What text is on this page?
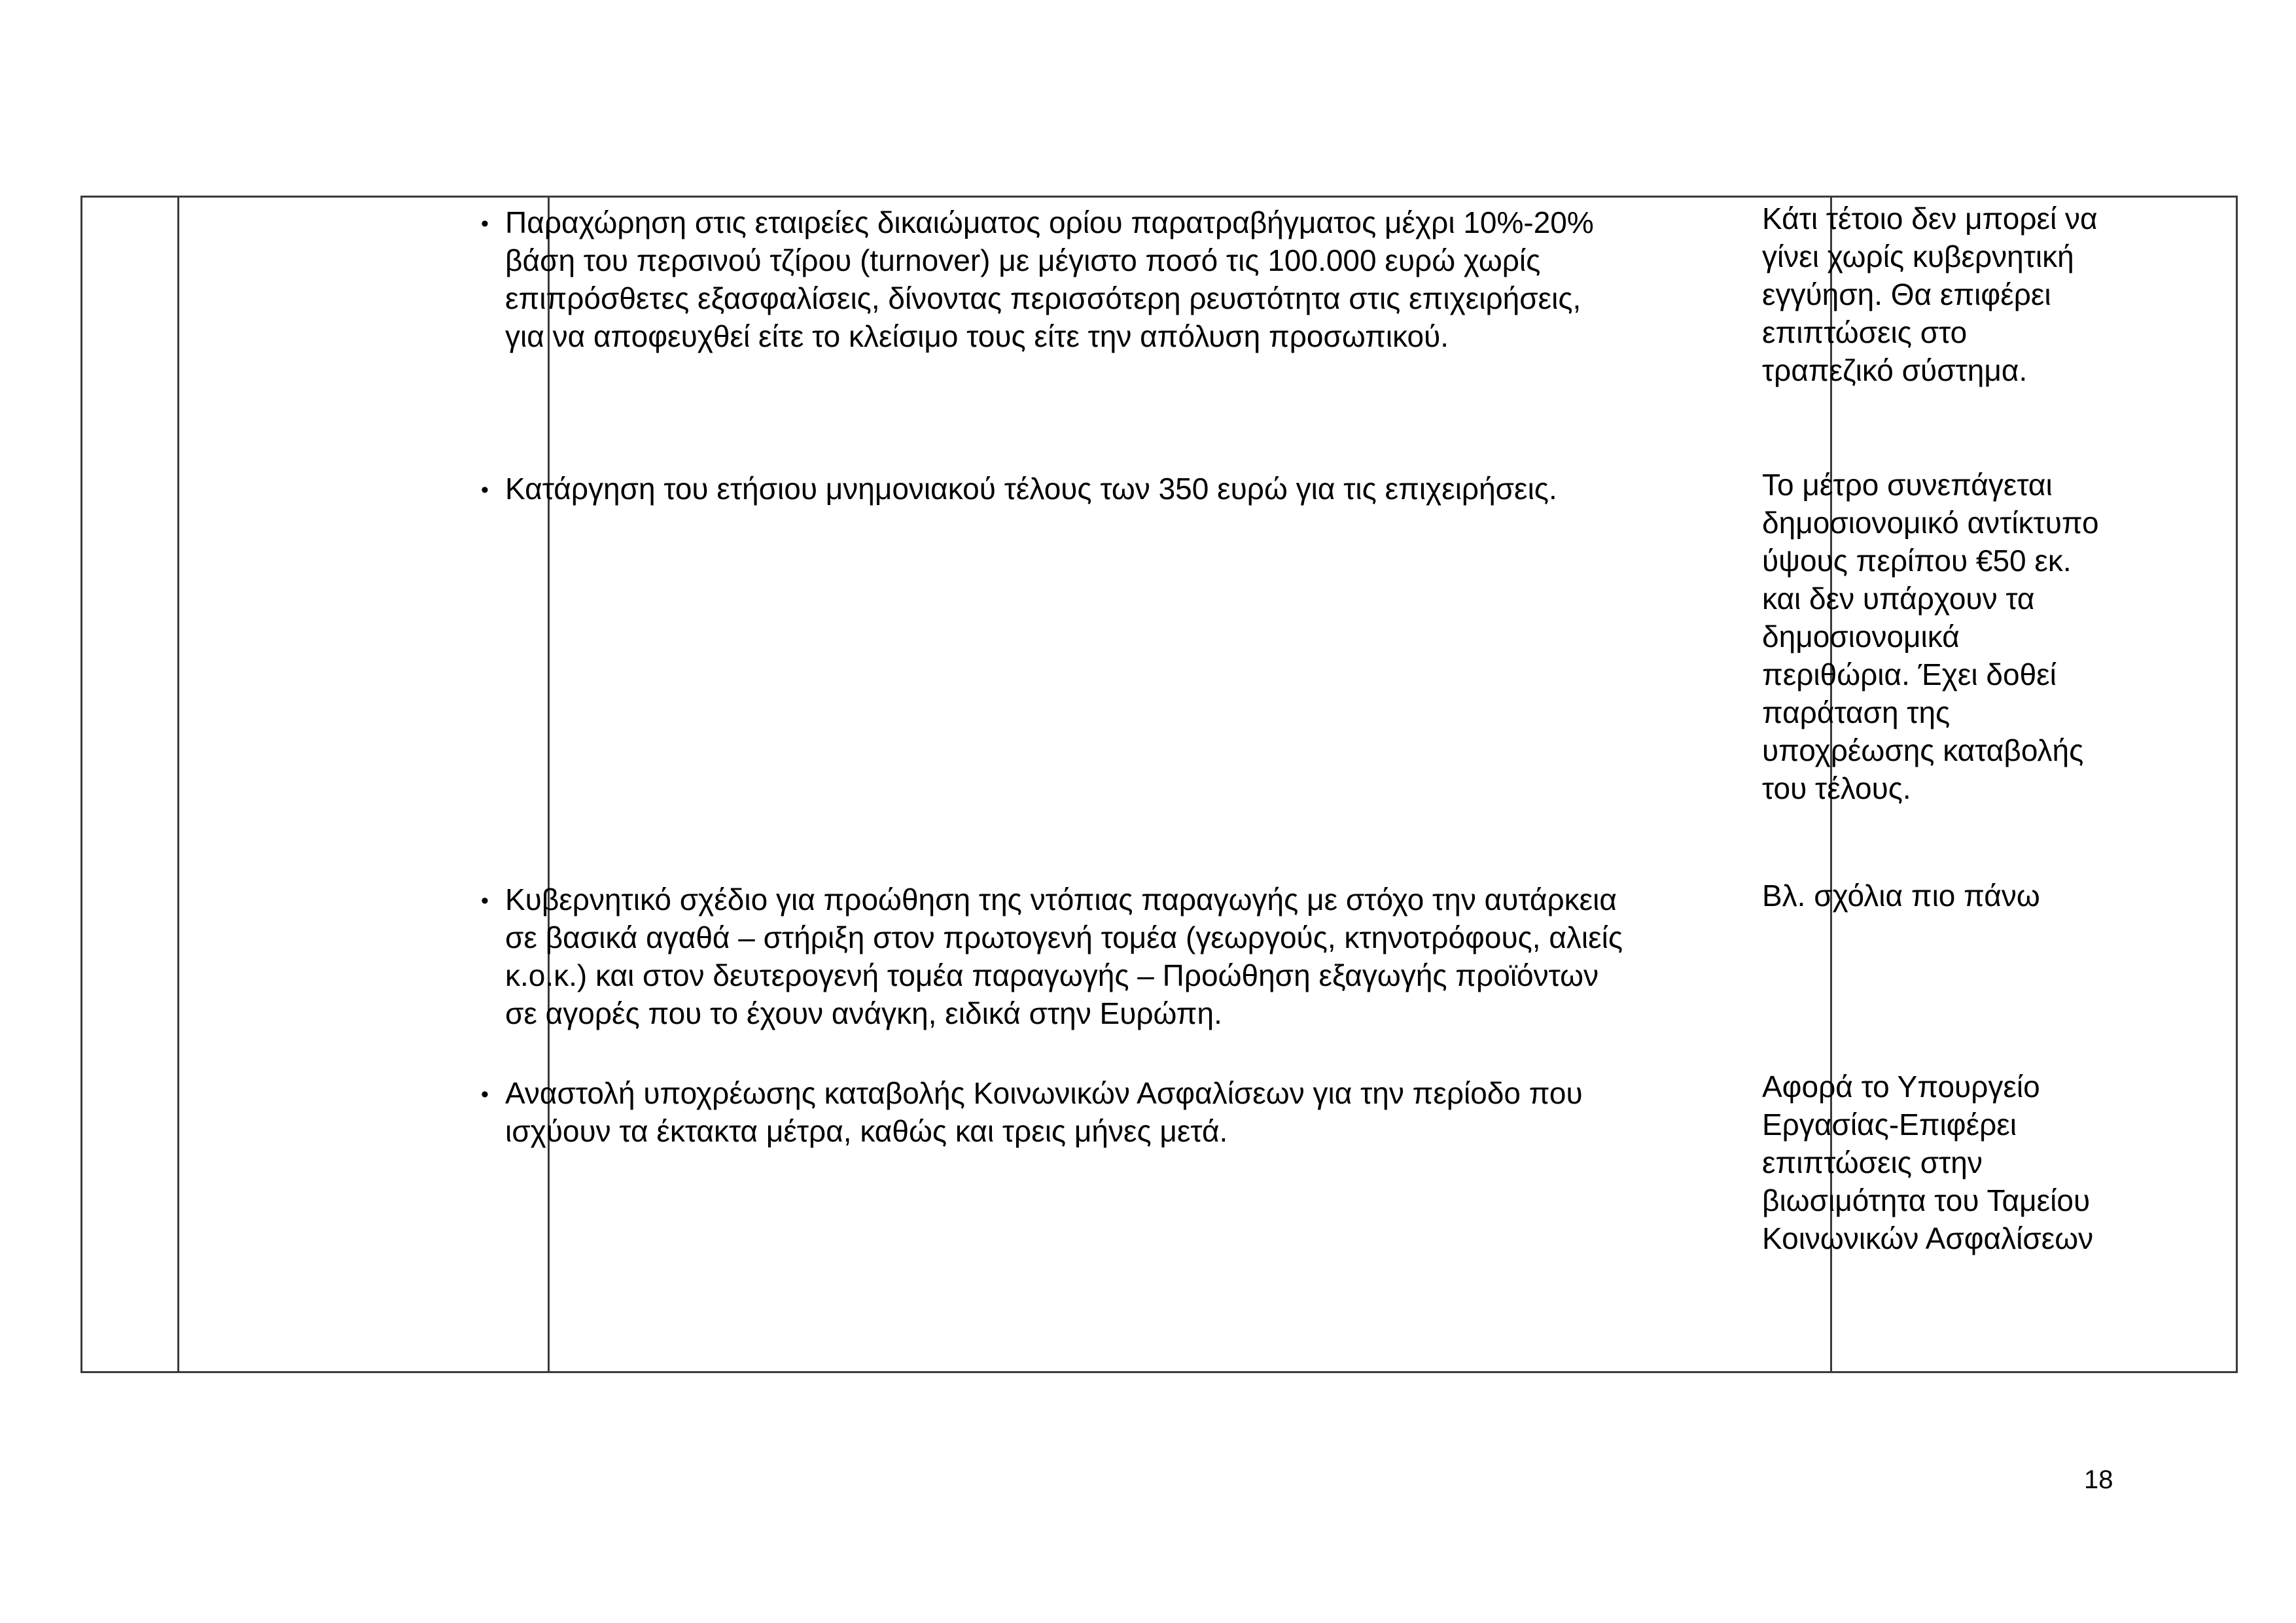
• Παραχώρηση στις εταιρείες δικαιώματος ορίου παρατραβήγματος μέχρι 10%-20%
βάση του περσινού τζίρου (turnover) με μέγιστο ποσό τις 100.000 ευρώ χωρίς
επιπρόσθετες εξασφαλίσεις, δίνοντας περισσότερη ρευστότητα στις επιχειρήσεις,
για να αποφευχθεί είτε το κλείσιμο τους είτε την απόλυση προσωπικού.
Κάτι τέτοιο δεν μπορεί να
γίνει χωρίς κυβερνητική
εγγύηση. Θα επιφέρει
επιπτώσεις στο
τραπεζικό σύστημα.
• Κατάργηση του ετήσιου μνημονιακού τέλους των 350 ευρώ για τις επιχειρήσεις.	Το μέτρο συνεπάγεται
δημοσιονομικό αντίκτυπο
ύψους περίπου €50 εκ.
και δεν υπάρχουν τα
δημοσιονομικά
περιθώρια. Έχει δοθεί
παράταση της
υποχρέωσης καταβολής
του τέλους.
• Κυβερνητικό σχέδιο για προώθηση της ντόπιας παραγωγής με στόχο την αυτάρκεια
σε βασικά αγαθά – στήριξη στον πρωτογενή τομέα (γεωργούς, κτηνοτρόφους, αλιείς
κ.ο.κ.) και στον δευτερογενή τομέα παραγωγής – Προώθηση εξαγωγής προϊόντων
σε αγορές που το έχουν ανάγκη, ειδικά στην Ευρώπη.
Βλ. σχόλια πιο πάνω
• Αναστολή υποχρέωσης καταβολής Κοινωνικών Ασφαλίσεων για την περίοδο που
ισχύουν τα έκτακτα μέτρα, καθώς και τρεις μήνες μετά.
Αφορά το Υπουργείο
Εργασίας-Επιφέρει
επιπτώσεις στην
βιωσιμότητα του Ταμείου
Κοινωνικών Ασφαλίσεων
18
